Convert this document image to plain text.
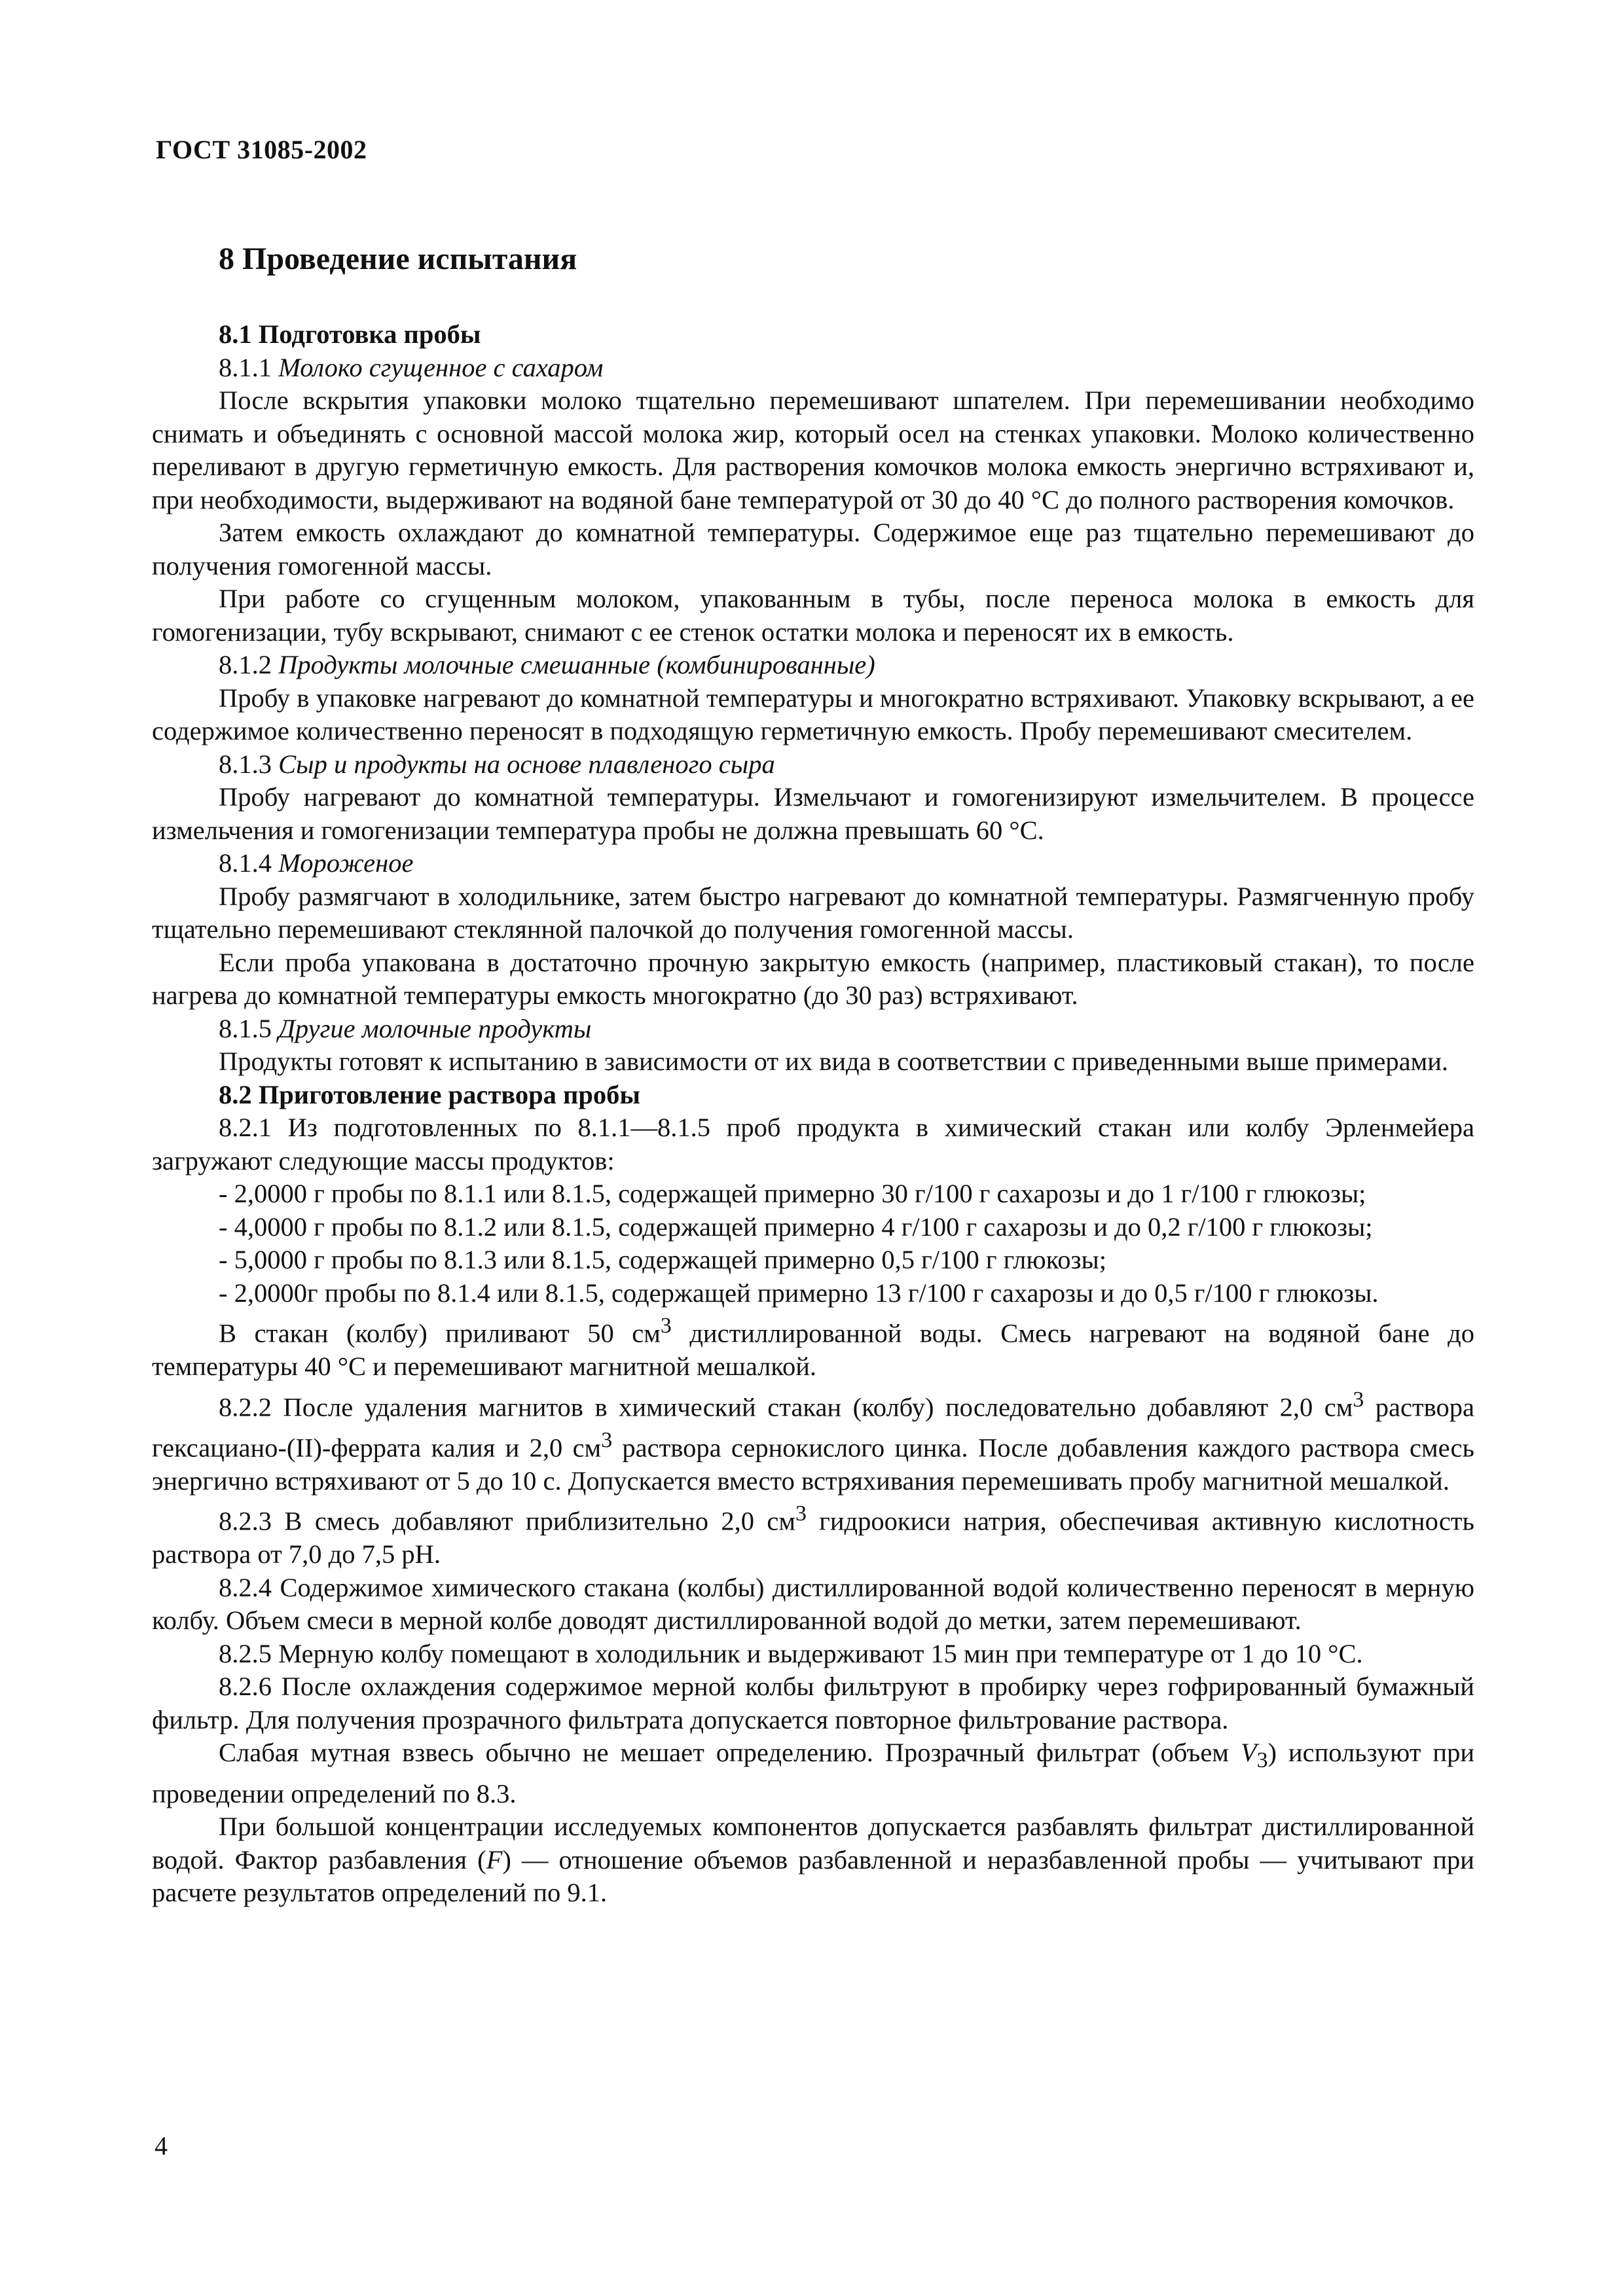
ГОСТ 31085-2002

8 Проведение испытания

8.1 Подготовка пробы

8.1.1 Молоко сгущенное с сахаром

После вскрытия упаковки молоко тщательно перемешивают шпателем. При перемешивании необходимо снимать и объединять с основной массой молока жир, который осел на стенках упаковки. Молоко количественно переливают в другую герметичную емкость. Для растворения комочков молока емкость энергично встряхивают и, при необходимости, выдерживают на водяной бане температурой от 30 до 40 °С до полного растворения комочков.

Затем емкость охлаждают до комнатной температуры. Содержимое еще раз тщательно перемешивают до получения гомогенной массы.

При работе со сгущенным молоком, упакованным в тубы, после переноса молока в емкость для гомогенизации, тубу вскрывают, снимают с ее стенок остатки молока и переносят их в емкость.

8.1.2 Продукты молочные смешанные (комбинированные)

Пробу в упаковке нагревают до комнатной температуры и многократно встряхивают. Упаковку вскрывают, а ее содержимое количественно переносят в подходящую герметичную емкость. Пробу перемешивают смесителем.

8.1.3 Сыр и продукты на основе плавленого сыра

Пробу нагревают до комнатной температуры. Измельчают и гомогенизируют измельчителем. В процессе измельчения и гомогенизации температура пробы не должна превышать 60 °С.

8.1.4 Мороженое

Пробу размягчают в холодильнике, затем быстро нагревают до комнатной температуры. Размягченную пробу тщательно перемешивают стеклянной палочкой до получения гомогенной массы.

Если проба упакована в достаточно прочную закрытую емкость (например, пластиковый стакан), то после нагрева до комнатной температуры емкость многократно (до 30 раз) встряхивают.

8.1.5 Другие молочные продукты

Продукты готовят к испытанию в зависимости от их вида в соответствии с приведенными выше примерами.

8.2 Приготовление раствора пробы

8.2.1 Из подготовленных по 8.1.1—8.1.5 проб продукта в химический стакан или колбу Эрленмейера загружают следующие массы продуктов:

- 2,0000 г пробы по 8.1.1 или 8.1.5, содержащей примерно 30 г/100 г сахарозы и до 1 г/100 г глюкозы;

- 4,0000 г пробы по 8.1.2 или 8.1.5, содержащей примерно 4 г/100 г сахарозы и до 0,2 г/100 г глюкозы;

- 5,0000 г пробы по 8.1.3 или 8.1.5, содержащей примерно 0,5 г/100 г глюкозы;

- 2,0000г пробы по 8.1.4 или 8.1.5, содержащей примерно 13 г/100 г сахарозы и до 0,5 г/100 г глюкозы.

В стакан (колбу) приливают 50 $см^3$ дистиллированной воды. Смесь нагревают на водяной бане до температуры 40 °С и перемешивают магнитной мешалкой.

8.2.2 После удаления магнитов в химический стакан (колбу) последовательно добавляют 2,0 $см^3$ раствора гексациано-(II)-феррата калия и 2,0 $см^3$ раствора сернокислого цинка. После добавления каждого раствора смесь энергично встряхивают от 5 до 10 с. Допускается вместо встряхивания перемешивать пробу магнитной мешалкой.

8.2.3 В смесь добавляют приблизительно 2,0 $см^3$ гидроокиси натрия, обеспечивая активную кислотность раствора от 7,0 до 7,5 рН.

8.2.4 Содержимое химического стакана (колбы) дистиллированной водой количественно переносят в мерную колбу. Объем смеси в мерной колбе доводят дистиллированной водой до метки, затем перемешивают.

8.2.5 Мерную колбу помещают в холодильник и выдерживают 15 мин при температуре от 1 до 10 °С.

8.2.6 После охлаждения содержимое мерной колбы фильтруют в пробирку через гофрированный бумажный фильтр. Для получения прозрачного фильтрата допускается повторное фильтрование раствора.

Слабая мутная взвесь обычно не мешает определению. Прозрачный фильтрат (объем $V_3$) используют при проведении определений по 8.3.

При большой концентрации исследуемых компонентов допускается разбавлять фильтрат дистиллированной водой. Фактор разбавления (F) — отношение объемов разбавленной и неразбавленной пробы — учитывают при расчете результатов определений по 9.1.

4
